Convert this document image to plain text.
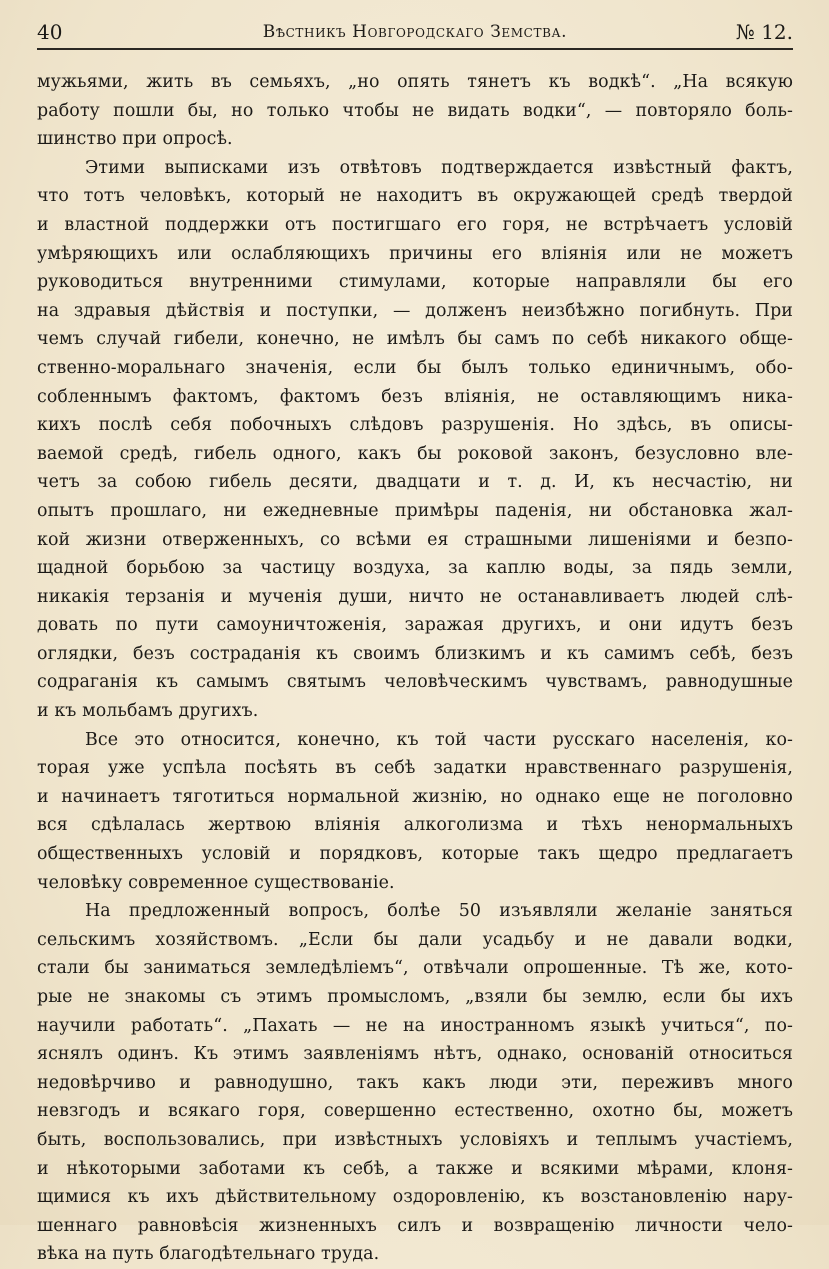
40	Вѣстникъ Новгородскаго Земства.	№ 12.
мужьями, жить въ семьяхъ, „но опять тянетъ къ водкѣ“. „На всякую
работу пошли бы, но только чтобы не видать водки“, — повторяло боль-
шинство при опросѣ.
Этими выписками изъ отвѣтовъ подтверждается извѣстный фактъ,
что тотъ человѣкъ, который не находитъ въ окружающей средѣ твердой
и властной поддержки отъ постигшаго его горя, не встрѣчаетъ условій
умѣряющихъ или ослабляющихъ причины его вліянія или не можетъ
руководиться внутренними стимулами, которые направляли бы его
на здравыя дѣйствія и поступки, — долженъ неизбѣжно погибнуть. При
чемъ случай гибели, конечно, не имѣлъ бы самъ по себѣ никакого обще-
ственно-моральнаго значенія, если бы былъ только единичнымъ, обо-
собленнымъ фактомъ, фактомъ безъ вліянія, не оставляющимъ ника-
кихъ послѣ себя побочныхъ слѣдовъ разрушенія. Но здѣсь, въ описы-
ваемой средѣ, гибель одного, какъ бы роковой законъ, безусловно вле-
четъ за собою гибель десяти, двадцати и т. д. И, къ несчастію, ни
опытъ прошлаго, ни ежедневные примѣры паденія, ни обстановка жал-
кой жизни отверженныхъ, со всѣми ея страшными лишеніями и безпо-
щадной борьбою за частицу воздуха, за каплю воды, за пядь земли,
никакія терзанія и мученія души, ничто не останавливаетъ людей слѣ-
довать по пути самоуничтоженія, заражая другихъ, и они идутъ безъ
оглядки, безъ состраданія къ своимъ близкимъ и къ самимъ себѣ, безъ
содраганія къ самымъ святымъ человѣческимъ чувствамъ, равнодушные
и къ мольбамъ другихъ.
Все это относится, конечно, къ той части русскаго населенія, ко-
торая уже успѣла посѣять въ себѣ задатки нравственнаго разрушенія,
и начинаетъ тяготиться нормальной жизнію, но однако еще не поголовно
вся сдѣлалась жертвою вліянія алкоголизма и тѣхъ ненормальныхъ
общественныхъ условій и порядковъ, которые такъ щедро предлагаетъ
человѣку современное существованіе.
На предложенный вопросъ, болѣе 50 изъявляли желаніе заняться
сельскимъ хозяйствомъ. „Если бы дали усадьбу и не давали водки,
стали бы заниматься земледѣліемъ“, отвѣчали опрошенные. Тѣ же, кото-
рые не знакомы съ этимъ промысломъ, „взяли бы землю, если бы ихъ
научили работать“. „Пахать — не на иностранномъ языкѣ учиться“, по-
яснялъ одинъ. Къ этимъ заявленіямъ нѣтъ, однако, основаній относиться
недовѣрчиво и равнодушно, такъ какъ люди эти, переживъ много
невзгодъ и всякаго горя, совершенно естественно, охотно бы, можетъ
быть, воспользовались, при извѣстныхъ условіяхъ и теплымъ участіемъ,
и нѣкоторыми заботами къ себѣ, а также и всякими мѣрами, клоня-
щимися къ ихъ дѣйствительному оздоровленію, къ возстановленію нару-
шеннаго равновѣсія жизненныхъ силъ и возвращенію личности чело-
вѣка на путь благодѣтельнаго труда.
